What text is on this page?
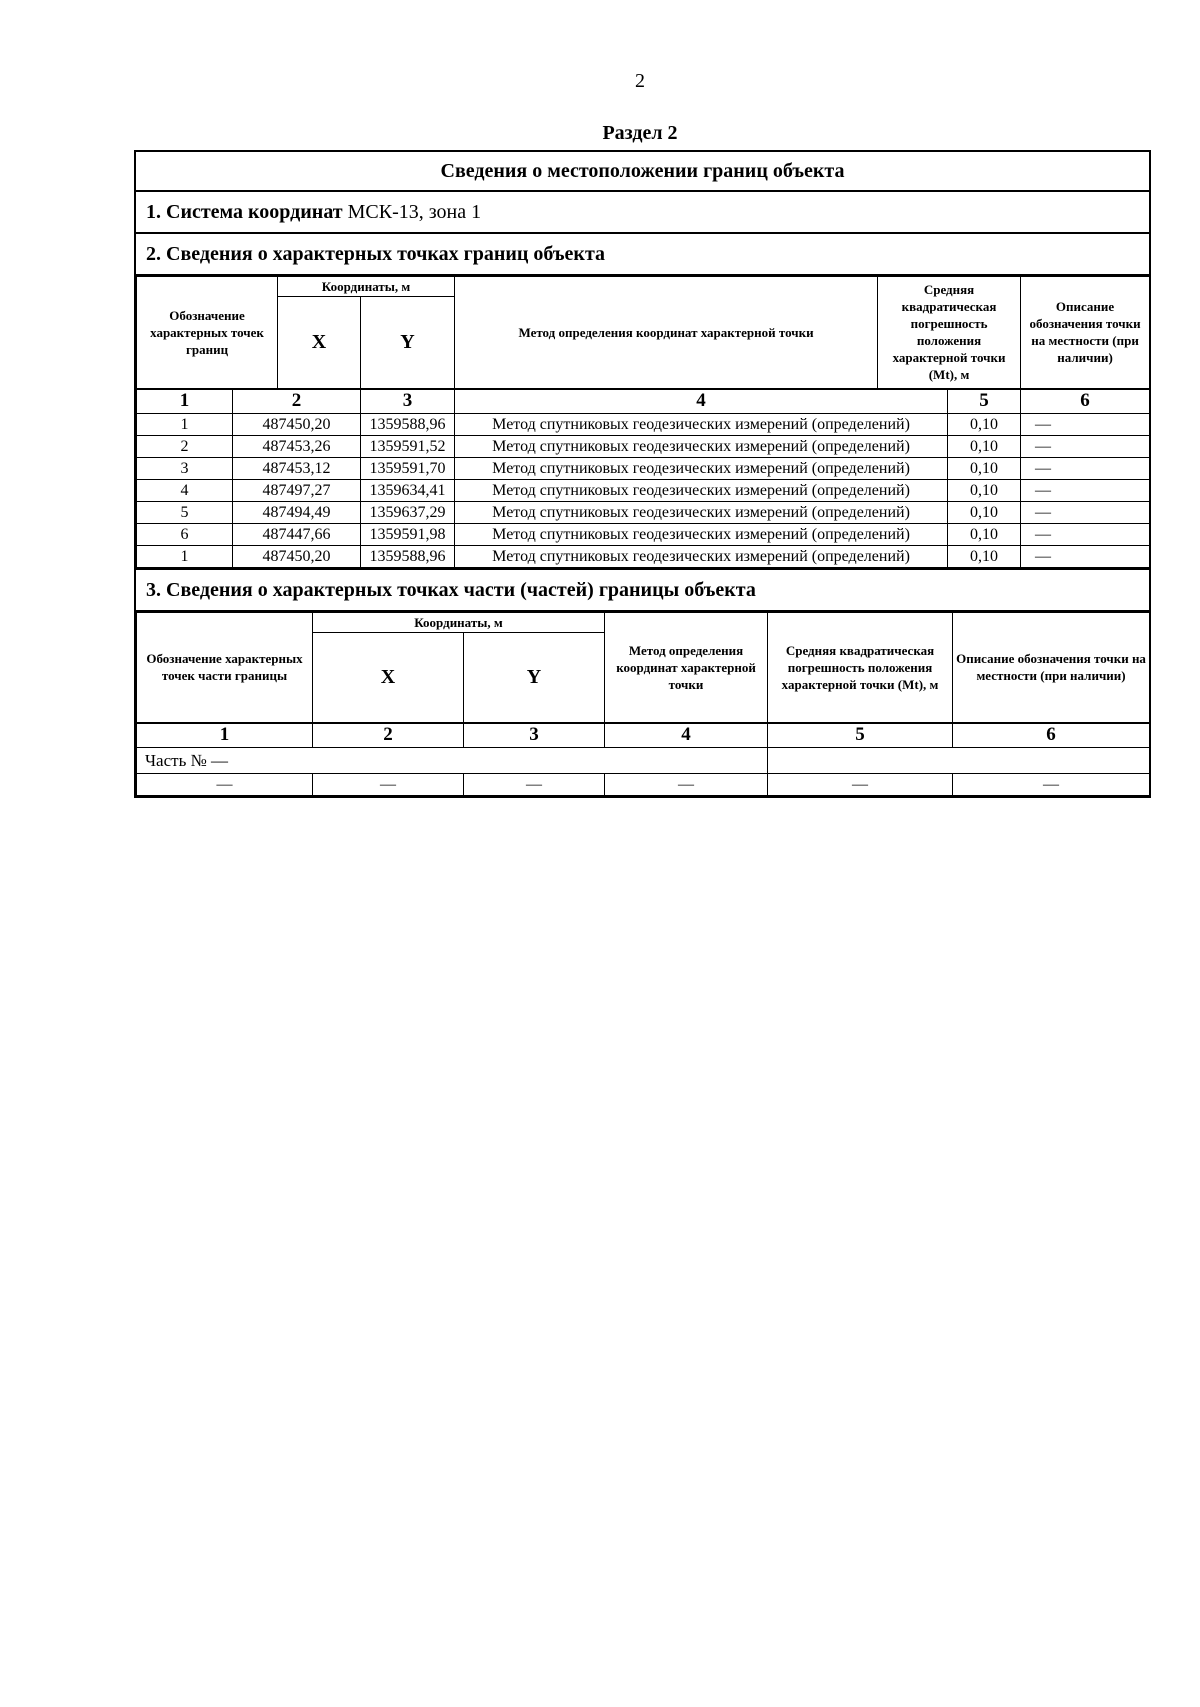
2
Раздел 2
Сведения о местоположении границ объекта
1. Система координат МСК-13, зона 1
2. Сведения о характерных точках границ объекта
Обозначение характерных точек границ		Координаты, м		Метод определения координат характерной точки	Средняя квадратическая погрешность положения характерной точки (Mt), м		Описание обозначения точки на местности (при наличии)
		X	Y				
1	2		3	4		5	6
1	487450,20		1359588,96	Метод спутниковых геодезических измерений (определений)		0,10	—
2	487453,26		1359591,52	Метод спутниковых геодезических измерений (определений)		0,10	—
3	487453,12		1359591,70	Метод спутниковых геодезических измерений (определений)		0,10	—
4	487497,27		1359634,41	Метод спутниковых геодезических измерений (определений)		0,10	—
5	487494,49		1359637,29	Метод спутниковых геодезических измерений (определений)		0,10	—
6	487447,66		1359591,98	Метод спутниковых геодезических измерений (определений)		0,10	—
1	487450,20		1359588,96	Метод спутниковых геодезических измерений (определений)		0,10	—
3. Сведения о характерных точках части (частей) границы объекта
Обозначение характерных точек части границы	Координаты, м		Метод определения координат характерной точки	Средняя квадратическая погрешность положения характерной точки (Mt), м	Описание обозначения точки на местности (при наличии)
	X	Y			
1	2	3	4	5	6
Часть № —					
—	—	—	—	—	—
